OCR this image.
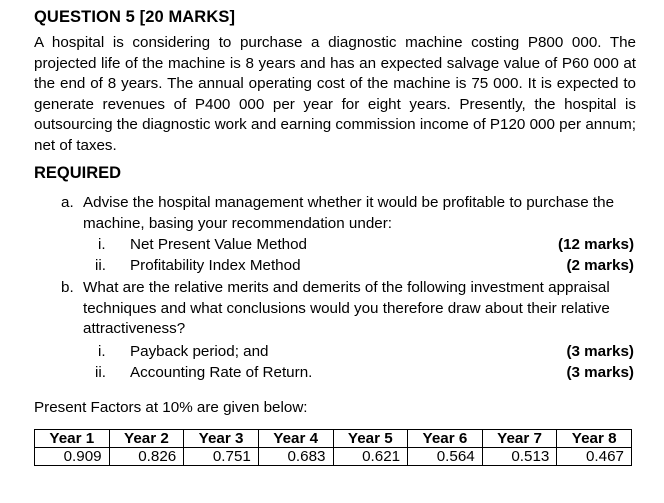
QUESTION 5 [20 MARKS]
A hospital is considering to purchase a diagnostic machine costing P800 000. The projected life of the machine is 8 years and has an expected salvage value of P60 000 at the end of 8 years. The annual operating cost of the machine is 75 000. It is expected to generate revenues of P400 000 per year for eight years. Presently, the hospital is outsourcing the diagnostic work and earning commission income of P120 000 per annum; net of taxes.
REQUIRED
a. Advise the hospital management whether it would be profitable to purchase the machine, basing your recommendation under:
i. Net Present Value Method	(12 marks)
ii. Profitability Index Method	(2 marks)
b. What are the relative merits and demerits of the following investment appraisal techniques and what conclusions would you therefore draw about their relative attractiveness?
i. Payback period; and	(3 marks)
ii. Accounting Rate of Return.	(3 marks)
Present Factors at 10% are given below:
Year 1	Year 2	Year 3	Year 4	Year 5	Year 6	Year 7	Year 8
0.909	0.826	0.751	0.683	0.621	0.564	0.513	0.467
